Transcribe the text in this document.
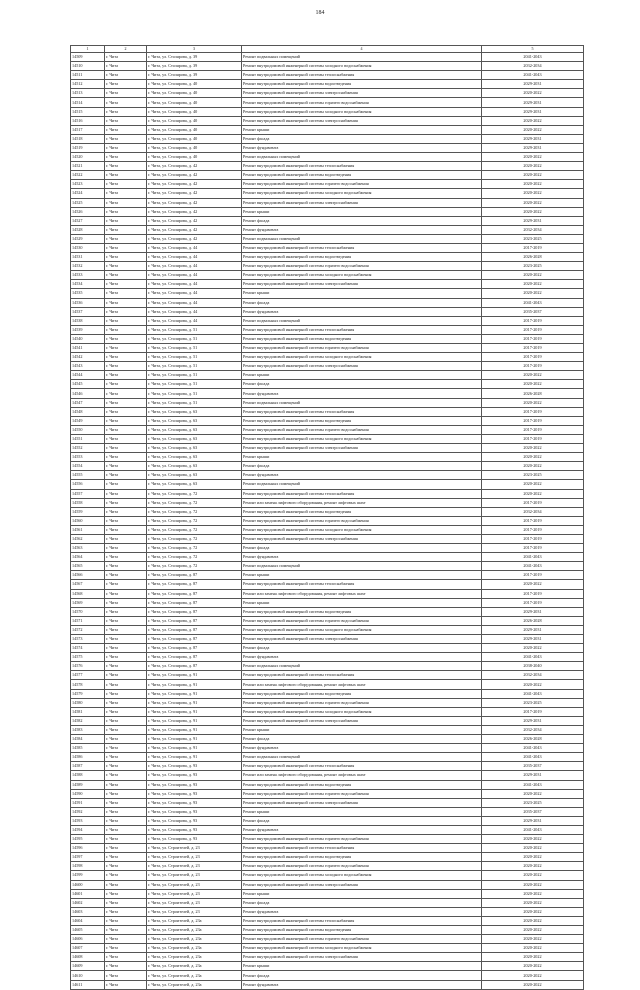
184
1	2	3	4	5
14509	г. Чита	г. Чита, ул. Столярова, д. 39	Ремонт подвальных помещений	2041-2043
14510	г. Чита	г. Чита, ул. Столярова, д. 39	Ремонт внутридомовой инженерной системы холодного водоснабжения	2032-2034
14511	г. Чита	г. Чита, ул. Столярова, д. 39	Ремонт внутридомовой инженерной системы теплоснабжения	2041-2043
14512	г. Чита	г. Чита, ул. Столярова, д. 40	Ремонт внутридомовой инженерной системы водоотведения	2029-2031
14513	г. Чита	г. Чита, ул. Столярова, д. 40	Ремонт внутридомовой инженерной системы электроснабжения	2020-2022
14514	г. Чита	г. Чита, ул. Столярова, д. 40	Ремонт внутридомовой инженерной системы горячего водоснабжения	2029-2031
14515	г. Чита	г. Чита, ул. Столярова, д. 40	Ремонт внутридомовой инженерной системы холодного водоснабжения	2029-2031
14516	г. Чита	г. Чита, ул. Столярова, д. 40	Ремонт внутридомовой инженерной системы электроснабжения	2020-2022
14517	г. Чита	г. Чита, ул. Столярова, д. 40	Ремонт крыши	2020-2022
14518	г. Чита	г. Чита, ул. Столярова, д. 40	Ремонт фасада	2029-2031
14519	г. Чита	г. Чита, ул. Столярова, д. 40	Ремонт фундамента	2029-2031
14520	г. Чита	г. Чита, ул. Столярова, д. 40	Ремонт подвальных помещений	2020-2022
14521	г. Чита	г. Чита, ул. Столярова, д. 42	Ремонт внутридомовой инженерной системы теплоснабжения	2020-2022
14522	г. Чита	г. Чита, ул. Столярова, д. 42	Ремонт внутридомовой инженерной системы водоотведения	2020-2022
14523	г. Чита	г. Чита, ул. Столярова, д. 42	Ремонт внутридомовой инженерной системы горячего водоснабжения	2020-2022
14524	г. Чита	г. Чита, ул. Столярова, д. 42	Ремонт внутридомовой инженерной системы холодного водоснабжения	2020-2022
14525	г. Чита	г. Чита, ул. Столярова, д. 42	Ремонт внутридомовой инженерной системы электроснабжения	2020-2022
14526	г. Чита	г. Чита, ул. Столярова, д. 42	Ремонт крыши	2020-2022
14527	г. Чита	г. Чита, ул. Столярова, д. 42	Ремонт фасада	2029-2031
14528	г. Чита	г. Чита, ул. Столярова, д. 42	Ремонт фундамента	2032-2034
14529	г. Чита	г. Чита, ул. Столярова, д. 42	Ремонт подвальных помещений	2023-2025
14530	г. Чита	г. Чита, ул. Столярова, д. 44	Ремонт внутридомовой инженерной системы теплоснабжения	2017-2019
14531	г. Чита	г. Чита, ул. Столярова, д. 44	Ремонт внутридомовой инженерной системы водоотведения	2026-2028
14532	г. Чита	г. Чита, ул. Столярова, д. 44	Ремонт внутридомовой инженерной системы горячего водоснабжения	2023-2025
14533	г. Чита	г. Чита, ул. Столярова, д. 44	Ремонт внутридомовой инженерной системы холодного водоснабжения	2020-2022
14534	г. Чита	г. Чита, ул. Столярова, д. 44	Ремонт внутридомовой инженерной системы электроснабжения	2020-2022
14535	г. Чита	г. Чита, ул. Столярова, д. 44	Ремонт крыши	2020-2022
14536	г. Чита	г. Чита, ул. Столярова, д. 44	Ремонт фасада	2041-2043
14537	г. Чита	г. Чита, ул. Столярова, д. 44	Ремонт фундамента	2035-2037
14538	г. Чита	г. Чита, ул. Столярова, д. 44	Ремонт подвальных помещений	2017-2019
14539	г. Чита	г. Чита, ул. Столярова, д. 51	Ремонт внутридомовой инженерной системы теплоснабжения	2017-2019
14540	г. Чита	г. Чита, ул. Столярова, д. 51	Ремонт внутридомовой инженерной системы водоотведения	2017-2019
14541	г. Чита	г. Чита, ул. Столярова, д. 51	Ремонт внутридомовой инженерной системы горячего водоснабжения	2017-2019
14542	г. Чита	г. Чита, ул. Столярова, д. 51	Ремонт внутридомовой инженерной системы холодного водоснабжения	2017-2019
14543	г. Чита	г. Чита, ул. Столярова, д. 51	Ремонт внутридомовой инженерной системы электроснабжения	2017-2019
14544	г. Чита	г. Чита, ул. Столярова, д. 51	Ремонт крыши	2020-2022
14545	г. Чита	г. Чита, ул. Столярова, д. 51	Ремонт фасада	2020-2022
14546	г. Чита	г. Чита, ул. Столярова, д. 51	Ремонт фундамента	2026-2028
14547	г. Чита	г. Чита, ул. Столярова, д. 51	Ремонт подвальных помещений	2020-2022
14548	г. Чита	г. Чита, ул. Столярова, д. 63	Ремонт внутридомовой инженерной системы теплоснабжения	2017-2019
14549	г. Чита	г. Чита, ул. Столярова, д. 63	Ремонт внутридомовой инженерной системы водоотведения	2017-2019
14550	г. Чита	г. Чита, ул. Столярова, д. 63	Ремонт внутридомовой инженерной системы горячего водоснабжения	2017-2019
14551	г. Чита	г. Чита, ул. Столярова, д. 63	Ремонт внутридомовой инженерной системы холодного водоснабжения	2017-2019
14552	г. Чита	г. Чита, ул. Столярова, д. 63	Ремонт внутридомовой инженерной системы электроснабжения	2020-2022
14553	г. Чита	г. Чита, ул. Столярова, д. 63	Ремонт крыши	2020-2022
14554	г. Чита	г. Чита, ул. Столярова, д. 63	Ремонт фасада	2020-2022
14555	г. Чита	г. Чита, ул. Столярова, д. 63	Ремонт фундамента	2023-2025
14556	г. Чита	г. Чита, ул. Столярова, д. 63	Ремонт подвальных помещений	2020-2022
14557	г. Чита	г. Чита, ул. Столярова, д. 72	Ремонт внутридомовой инженерной системы теплоснабжения	2020-2022
14558	г. Чита	г. Чита, ул. Столярова, д. 72	Ремонт или замена лифтового оборудования, ремонт лифтовых шахт	2017-2019
14559	г. Чита	г. Чита, ул. Столярова, д. 72	Ремонт внутридомовой инженерной системы водоотведения	2032-2034
14560	г. Чита	г. Чита, ул. Столярова, д. 72	Ремонт внутридомовой инженерной системы горячего водоснабжения	2017-2019
14561	г. Чита	г. Чита, ул. Столярова, д. 72	Ремонт внутридомовой инженерной системы холодного водоснабжения	2017-2019
14562	г. Чита	г. Чита, ул. Столярова, д. 72	Ремонт внутридомовой инженерной системы электроснабжения	2017-2019
14563	г. Чита	г. Чита, ул. Столярова, д. 72	Ремонт фасада	2017-2019
14564	г. Чита	г. Чита, ул. Столярова, д. 72	Ремонт фундамента	2041-2043
14565	г. Чита	г. Чита, ул. Столярова, д. 72	Ремонт подвальных помещений	2041-2043
14566	г. Чита	г. Чита, ул. Столярова, д. 87	Ремонт крыши	2017-2019
14567	г. Чита	г. Чита, ул. Столярова, д. 87	Ремонт внутридомовой инженерной системы теплоснабжения	2020-2022
14568	г. Чита	г. Чита, ул. Столярова, д. 87	Ремонт или замена лифтового оборудования, ремонт лифтовых шахт	2017-2019
14569	г. Чита	г. Чита, ул. Столярова, д. 87	Ремонт крыши	2017-2019
14570	г. Чита	г. Чита, ул. Столярова, д. 87	Ремонт внутридомовой инженерной системы водоотведения	2029-2031
14571	г. Чита	г. Чита, ул. Столярова, д. 87	Ремонт внутридомовой инженерной системы горячего водоснабжения	2026-2028
14572	г. Чита	г. Чита, ул. Столярова, д. 87	Ремонт внутридомовой инженерной системы холодного водоснабжения	2029-2031
14573	г. Чита	г. Чита, ул. Столярова, д. 87	Ремонт внутридомовой инженерной системы электроснабжения	2029-2031
14574	г. Чита	г. Чита, ул. Столярова, д. 87	Ремонт фасада	2020-2022
14575	г. Чита	г. Чита, ул. Столярова, д. 87	Ремонт фундамента	2041-2043
14576	г. Чита	г. Чита, ул. Столярова, д. 87	Ремонт подвальных помещений	2038-2040
14577	г. Чита	г. Чита, ул. Столярова, д. 91	Ремонт внутридомовой инженерной системы теплоснабжения	2032-2034
14578	г. Чита	г. Чита, ул. Столярова, д. 91	Ремонт или замена лифтового оборудования, ремонт лифтовых шахт	2020-2022
14579	г. Чита	г. Чита, ул. Столярова, д. 91	Ремонт внутридомовой инженерной системы водоотведения	2041-2043
14580	г. Чита	г. Чита, ул. Столярова, д. 91	Ремонт внутридомовой инженерной системы горячего водоснабжения	2023-2025
14581	г. Чита	г. Чита, ул. Столярова, д. 91	Ремонт внутридомовой инженерной системы холодного водоснабжения	2017-2019
14582	г. Чита	г. Чита, ул. Столярова, д. 91	Ремонт внутридомовой инженерной системы электроснабжения	2029-2031
14583	г. Чита	г. Чита, ул. Столярова, д. 91	Ремонт крыши	2032-2034
14584	г. Чита	г. Чита, ул. Столярова, д. 91	Ремонт фасада	2026-2028
14585	г. Чита	г. Чита, ул. Столярова, д. 91	Ремонт фундамента	2041-2043
14586	г. Чита	г. Чита, ул. Столярова, д. 91	Ремонт подвальных помещений	2041-2043
14587	г. Чита	г. Чита, ул. Столярова, д. 93	Ремонт внутридомовой инженерной системы теплоснабжения	2035-2037
14588	г. Чита	г. Чита, ул. Столярова, д. 93	Ремонт или замена лифтового оборудования, ремонт лифтовых шахт	2029-2031
14589	г. Чита	г. Чита, ул. Столярова, д. 93	Ремонт внутридомовой инженерной системы водоотведения	2041-2043
14590	г. Чита	г. Чита, ул. Столярова, д. 93	Ремонт внутридомовой инженерной системы горячего водоснабжения	2020-2022
14591	г. Чита	г. Чита, ул. Столярова, д. 93	Ремонт внутридомовой инженерной системы электроснабжения	2023-2025
14592	г. Чита	г. Чита, ул. Столярова, д. 93	Ремонт крыши	2035-2037
14593	г. Чита	г. Чита, ул. Столярова, д. 93	Ремонт фасада	2029-2031
14594	г. Чита	г. Чита, ул. Столярова, д. 93	Ремонт фундамента	2041-2043
14595	г. Чита	г. Чита, ул. Столярова, д. 93	Ремонт внутридомовой инженерной системы горячего водоснабжения	2020-2022
14596	г. Чита	г. Чита, ул. Строителей, д. 23	Ремонт внутридомовой инженерной системы теплоснабжения	2020-2022
14597	г. Чита	г. Чита, ул. Строителей, д. 23	Ремонт внутридомовой инженерной системы водоотведения	2020-2022
14598	г. Чита	г. Чита, ул. Строителей, д. 23	Ремонт внутридомовой инженерной системы горячего водоснабжения	2020-2022
14599	г. Чита	г. Чита, ул. Строителей, д. 23	Ремонт внутридомовой инженерной системы холодного водоснабжения	2020-2022
14600	г. Чита	г. Чита, ул. Строителей, д. 23	Ремонт внутридомовой инженерной системы электроснабжения	2020-2022
14601	г. Чита	г. Чита, ул. Строителей, д. 23	Ремонт крыши	2020-2022
14602	г. Чита	г. Чита, ул. Строителей, д. 23	Ремонт фасада	2020-2022
14603	г. Чита	г. Чита, ул. Строителей, д. 23	Ремонт фундамента	2020-2022
14604	г. Чита	г. Чита, ул. Строителей, д. 23а	Ремонт внутридомовой инженерной системы теплоснабжения	2020-2022
14605	г. Чита	г. Чита, ул. Строителей, д. 23а	Ремонт внутридомовой инженерной системы водоотведения	2020-2022
14606	г. Чита	г. Чита, ул. Строителей, д. 23а	Ремонт внутридомовой инженерной системы горячего водоснабжения	2020-2022
14607	г. Чита	г. Чита, ул. Строителей, д. 23а	Ремонт внутридомовой инженерной системы холодного водоснабжения	2020-2022
14608	г. Чита	г. Чита, ул. Строителей, д. 23а	Ремонт внутридомовой инженерной системы электроснабжения	2020-2022
14609	г. Чита	г. Чита, ул. Строителей, д. 23а	Ремонт крыши	2020-2022
14610	г. Чита	г. Чита, ул. Строителей, д. 23а	Ремонт фасада	2020-2022
14611	г. Чита	г. Чита, ул. Строителей, д. 23а	Ремонт фундамента	2020-2022
